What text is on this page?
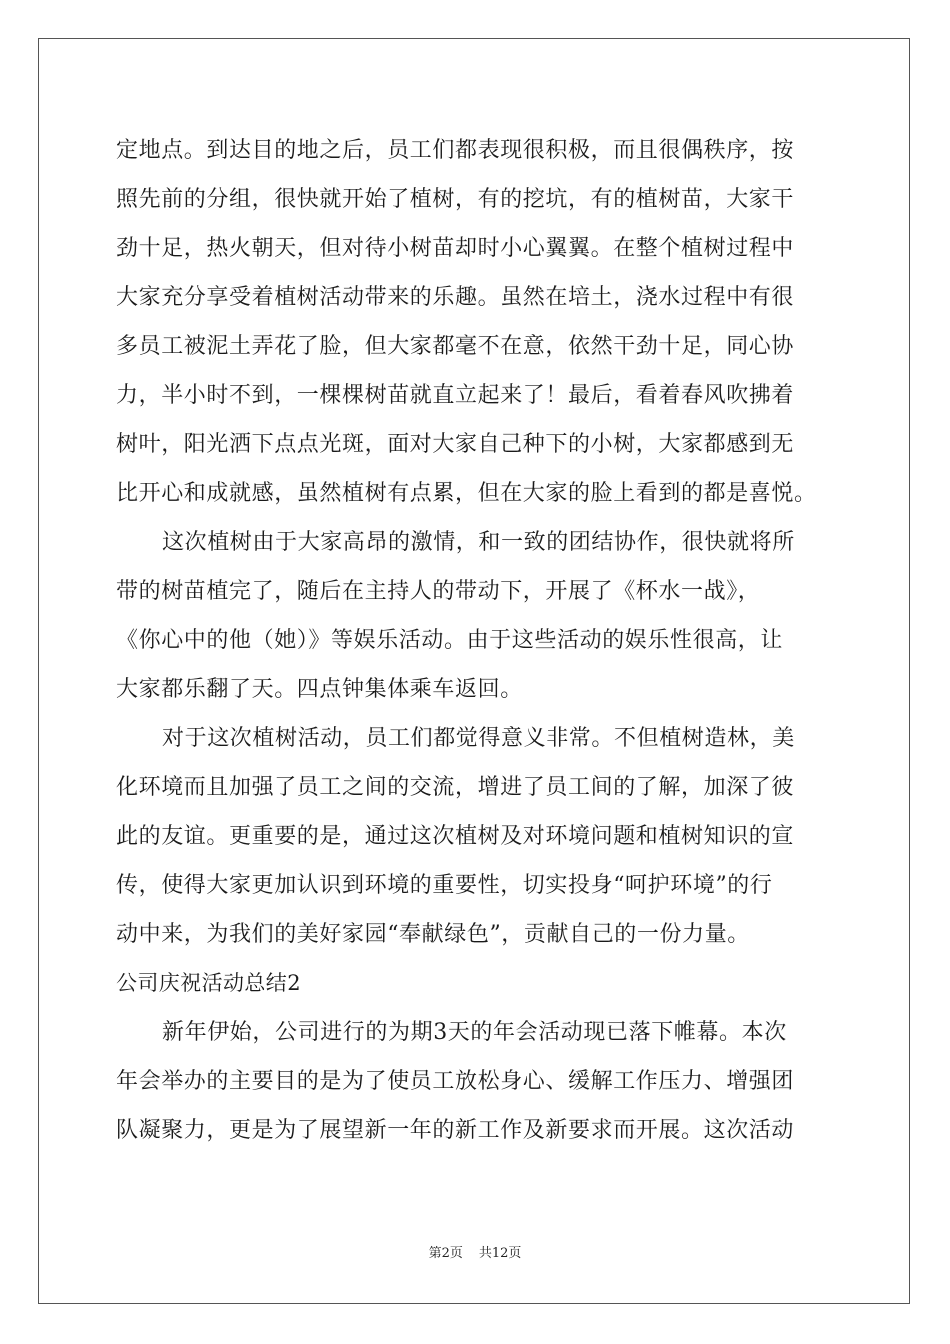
定地点。到达目的地之后，员工们都表现很积极，而且很偶秩序，按
照先前的分组，很快就开始了植树，有的挖坑，有的植树苗，大家干
劲十足，热火朝天，但对待小树苗却时小心翼翼。在整个植树过程中
大家充分享受着植树活动带来的乐趣。虽然在培土，浇水过程中有很
多员工被泥土弄花了脸，但大家都毫不在意，依然干劲十足，同心协
力，半小时不到，一棵棵树苗就直立起来了！最后，看着春风吹拂着
树叶，阳光洒下点点光斑，面对大家自己种下的小树，大家都感到无
比开心和成就感，虽然植树有点累，但在大家的脸上看到的都是喜悦。
这次植树由于大家高昂的激情，和一致的团结协作，很快就将所
带的树苗植完了，随后在主持人的带动下，开展了《杯水一战》，
《你心中的他（她）》等娱乐活动。由于这些活动的娱乐性很高，让
大家都乐翻了天。四点钟集体乘车返回。
对于这次植树活动，员工们都觉得意义非常。不但植树造林，美
化环境而且加强了员工之间的交流，增进了员工间的了解，加深了彼
此的友谊。更重要的是，通过这次植树及对环境问题和植树知识的宣
传，使得大家更加认识到环境的重要性，切实投身“呵护环境”的行
动中来，为我们的美好家园“奉献绿色”，贡献自己的一份力量。
公司庆祝活动总结2
新年伊始，公司进行的为期3天的年会活动现已落下帷幕。本次
年会举办的主要目的是为了使员工放松身心、缓解工作压力、增强团
队凝聚力，更是为了展望新一年的新工作及新要求而开展。这次活动
第2页 共12页
